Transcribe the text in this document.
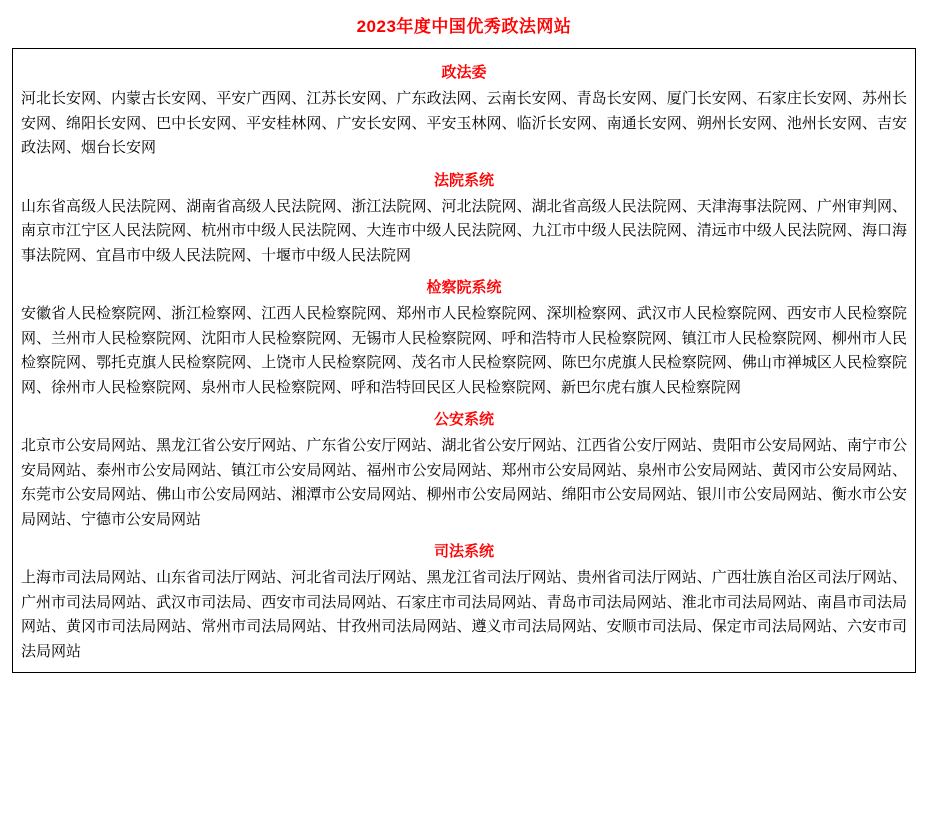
2023年度中国优秀政法网站
政法委
河北长安网、内蒙古长安网、平安广西网、江苏长安网、广东政法网、云南长安网、青岛长安网、厦门长安网、石家庄长安网、苏州长安网、绵阳长安网、巴中长安网、平安桂林网、广安长安网、平安玉林网、临沂长安网、南通长安网、朔州长安网、池州长安网、吉安政法网、烟台长安网
法院系统
山东省高级人民法院网、湖南省高级人民法院网、浙江法院网、河北法院网、湖北省高级人民法院网、天津海事法院网、广州审判网、南京市江宁区人民法院网、杭州市中级人民法院网、大连市中级人民法院网、九江市中级人民法院网、清远市中级人民法院网、海口海事法院网、宜昌市中级人民法院网、十堰市中级人民法院网
检察院系统
安徽省人民检察院网、浙江检察网、江西人民检察院网、郑州市人民检察院网、深圳检察网、武汉市人民检察院网、西安市人民检察院网、兰州市人民检察院网、沈阳市人民检察院网、无锡市人民检察院网、呼和浩特市人民检察院网、镇江市人民检察院网、柳州市人民检察院网、鄂托克旗人民检察院网、上饶市人民检察院网、茂名市人民检察院网、陈巴尔虎旗人民检察院网、佛山市禅城区人民检察院网、徐州市人民检察院网、泉州市人民检察院网、呼和浩特回民区人民检察院网、新巴尔虎右旗人民检察院网
公安系统
北京市公安局网站、黑龙江省公安厅网站、广东省公安厅网站、湖北省公安厅网站、江西省公安厅网站、贵阳市公安局网站、南宁市公安局网站、泰州市公安局网站、镇江市公安局网站、福州市公安局网站、郑州市公安局网站、泉州市公安局网站、黄冈市公安局网站、东莞市公安局网站、佛山市公安局网站、湘潭市公安局网站、柳州市公安局网站、绵阳市公安局网站、银川市公安局网站、衡水市公安局网站、宁德市公安局网站
司法系统
上海市司法局网站、山东省司法厅网站、河北省司法厅网站、黑龙江省司法厅网站、贵州省司法厅网站、广西壮族自治区司法厅网站、广州市司法局网站、武汉市司法局、西安市司法局网站、石家庄市司法局网站、青岛市司法局网站、淮北市司法局网站、南昌市司法局网站、黄冈市司法局网站、常州市司法局网站、甘孜州司法局网站、遵义市司法局网站、安顺市司法局、保定市司法局网站、六安市司法局网站
